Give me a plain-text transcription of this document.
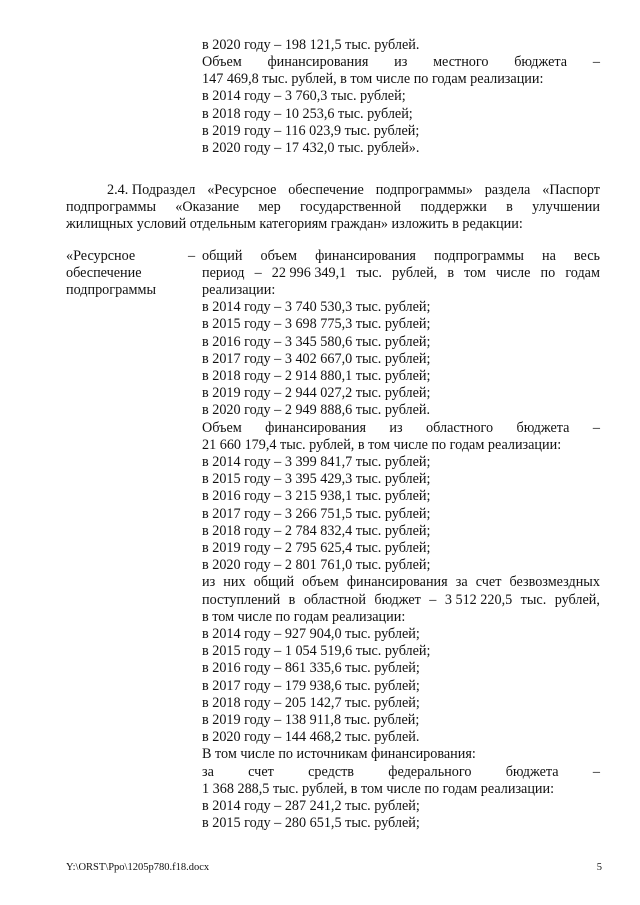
в 2020 году – 198 121,5 тыс. рублей.
Объем финансирования из местного бюджета –
147 469,8 тыс. рублей, в том числе по годам реализации:
в 2014 году – 3 760,3 тыс. рублей;
в 2018 году – 10 253,6 тыс. рублей;
в 2019 году – 116 023,9 тыс. рублей;
в 2020 году – 17 432,0 тыс. рублей».
2.4. Подраздел «Ресурсное обеспечение подпрограммы» раздела «Паспорт
подпрограммы «Оказание мер государственной поддержки в улучшении
жилищных условий отдельным категориям граждан» изложить в редакции:
«Ресурсное
обеспечение
подпрограммы
– общий объем финансирования подпрограммы на весь
период – 22 996 349,1 тыс. рублей, в том числе по годам
реализации:
в 2014 году – 3 740 530,3 тыс. рублей;
в 2015 году – 3 698 775,3 тыс. рублей;
в 2016 году – 3 345 580,6 тыс. рублей;
в 2017 году – 3 402 667,0 тыс. рублей;
в 2018 году – 2 914 880,1 тыс. рублей;
в 2019 году – 2 944 027,2 тыс. рублей;
в 2020 году – 2 949 888,6 тыс. рублей.
Объем финансирования из областного бюджета –
21 660 179,4 тыс. рублей, в том числе по годам реализации:
в 2014 году – 3 399 841,7 тыс. рублей;
в 2015 году – 3 395 429,3 тыс. рублей;
в 2016 году – 3 215 938,1 тыс. рублей;
в 2017 году – 3 266 751,5 тыс. рублей;
в 2018 году – 2 784 832,4 тыс. рублей;
в 2019 году – 2 795 625,4 тыс. рублей;
в 2020 году – 2 801 761,0 тыс. рублей;
из них общий объем финансирования за счет безвозмездных
поступлений в областной бюджет – 3 512 220,5 тыс. рублей,
в том числе по годам реализации:
в 2014 году – 927 904,0 тыс. рублей;
в 2015 году – 1 054 519,6 тыс. рублей;
в 2016 году – 861 335,6 тыс. рублей;
в 2017 году – 179 938,6 тыс. рублей;
в 2018 году – 205 142,7 тыс. рублей;
в 2019 году – 138 911,8 тыс. рублей;
в 2020 году – 144 468,2 тыс. рублей.
В том числе по источникам финансирования:
за счет средств федерального бюджета –
1 368 288,5 тыс. рублей, в том числе по годам реализации:
в 2014 году – 287 241,2 тыс. рублей;
в 2015 году – 280 651,5 тыс. рублей;
Y:\ORST\Ppo\1205p780.f18.docx	5
